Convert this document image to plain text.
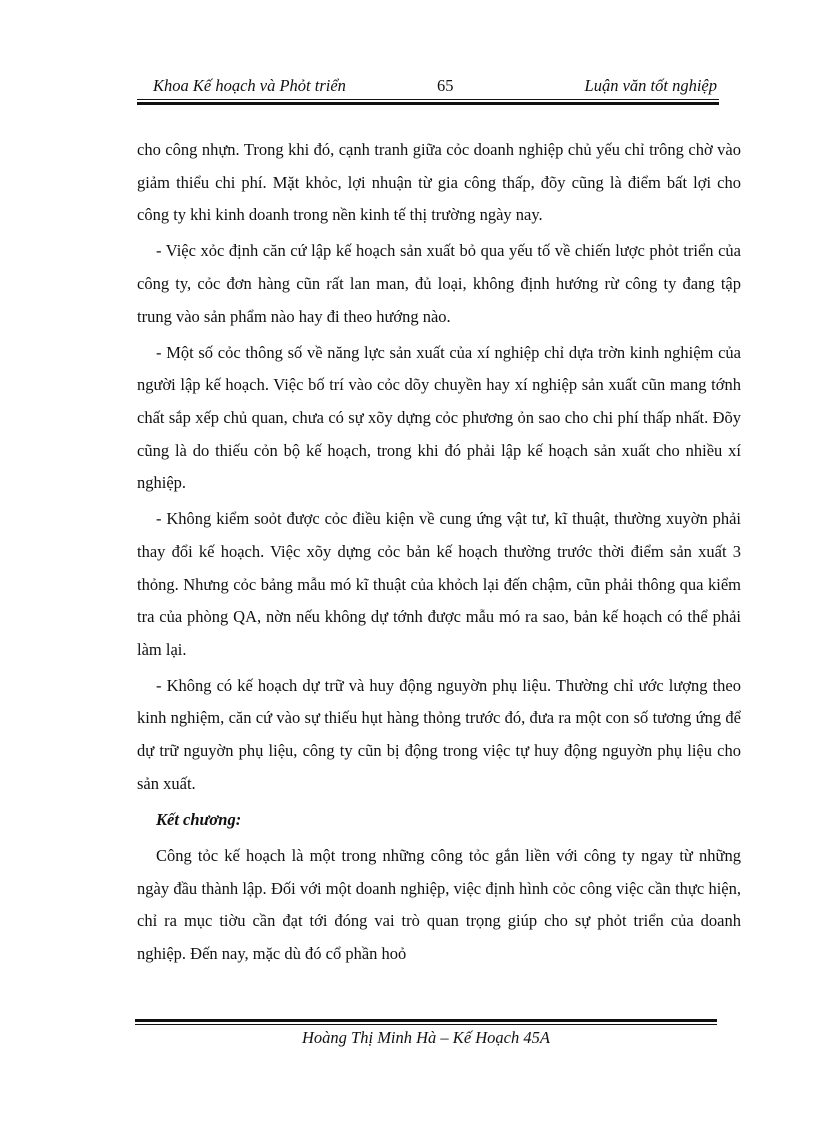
Khoa Kế hoạch và Phỏt triển	65	Luận văn tốt nghiệp

cho công nhựn. Trong khi đó, cạnh tranh giữa cỏc doanh nghiệp chủ yếu chỉ trông chờ vào giảm thiểu chi phí. Mặt khỏc, lợi nhuận từ gia công thấp, đõy cũng là điểm bất lợi cho công ty khi kinh doanh trong nền kinh tế thị trường ngày nay.

- Việc xỏc định căn cứ lập kế hoạch sản xuất bỏ qua yếu tố về chiến lược phỏt triển của công ty, cỏc đơn hàng cũn rất lan man, đủ loại, không định hướng rừ công ty đang tập trung vào sản phẩm nào hay đi theo hướng nào.

- Một số cỏc thông số về năng lực sản xuất của xí nghiệp chỉ dựa trờn kinh nghiệm của người lập kế hoạch. Việc bố trí vào cỏc dõy chuyền hay xí nghiệp sản xuất cũn mang tớnh chất sắp xếp chủ quan, chưa có sự xõy dựng cỏc phương ỏn sao cho chi phí thấp nhất. Đõy cũng là do thiếu cỏn bộ kế hoạch, trong khi đó phải lập kế hoạch sản xuất cho nhiều xí nghiệp.

- Không kiểm soỏt được cỏc điều kiện về cung ứng vật tư, kĩ thuật, thường xuyờn phải thay đổi kế hoạch. Việc xõy dựng cỏc bản kế hoạch thường trước thời điểm sản xuất 3 thỏng. Nhưng cỏc bảng mẫu mó kĩ thuật của khỏch lại đến chậm, cũn phải thông qua kiểm tra của phòng QA, nờn nếu không dự tớnh được mẫu mó ra sao, bản kế hoạch có thể phải làm lại.

- Không có kế hoạch dự trữ và huy động nguyờn phụ liệu. Thường chỉ ước lượng theo kinh nghiệm, căn cứ vào sự thiếu hụt hàng thỏng trước đó, đưa ra một con số tương ứng để dự trữ nguyờn phụ liệu, công ty cũn bị động trong việc tự huy động nguyờn phụ liệu cho sản xuất.

Kết chương:

Công tỏc kế hoạch là một trong những công tỏc gắn liền với công ty ngay từ những ngày đầu thành lập. Đối với một doanh nghiệp, việc định hình cỏc công việc cần thực hiện, chỉ ra mục tiờu cần đạt tới đóng vai trò quan trọng giúp cho sự phỏt triển của doanh nghiệp. Đến nay, mặc dù đó cổ phần hoỏ

Hoàng Thị Minh Hà – Kế Hoạch 45A
